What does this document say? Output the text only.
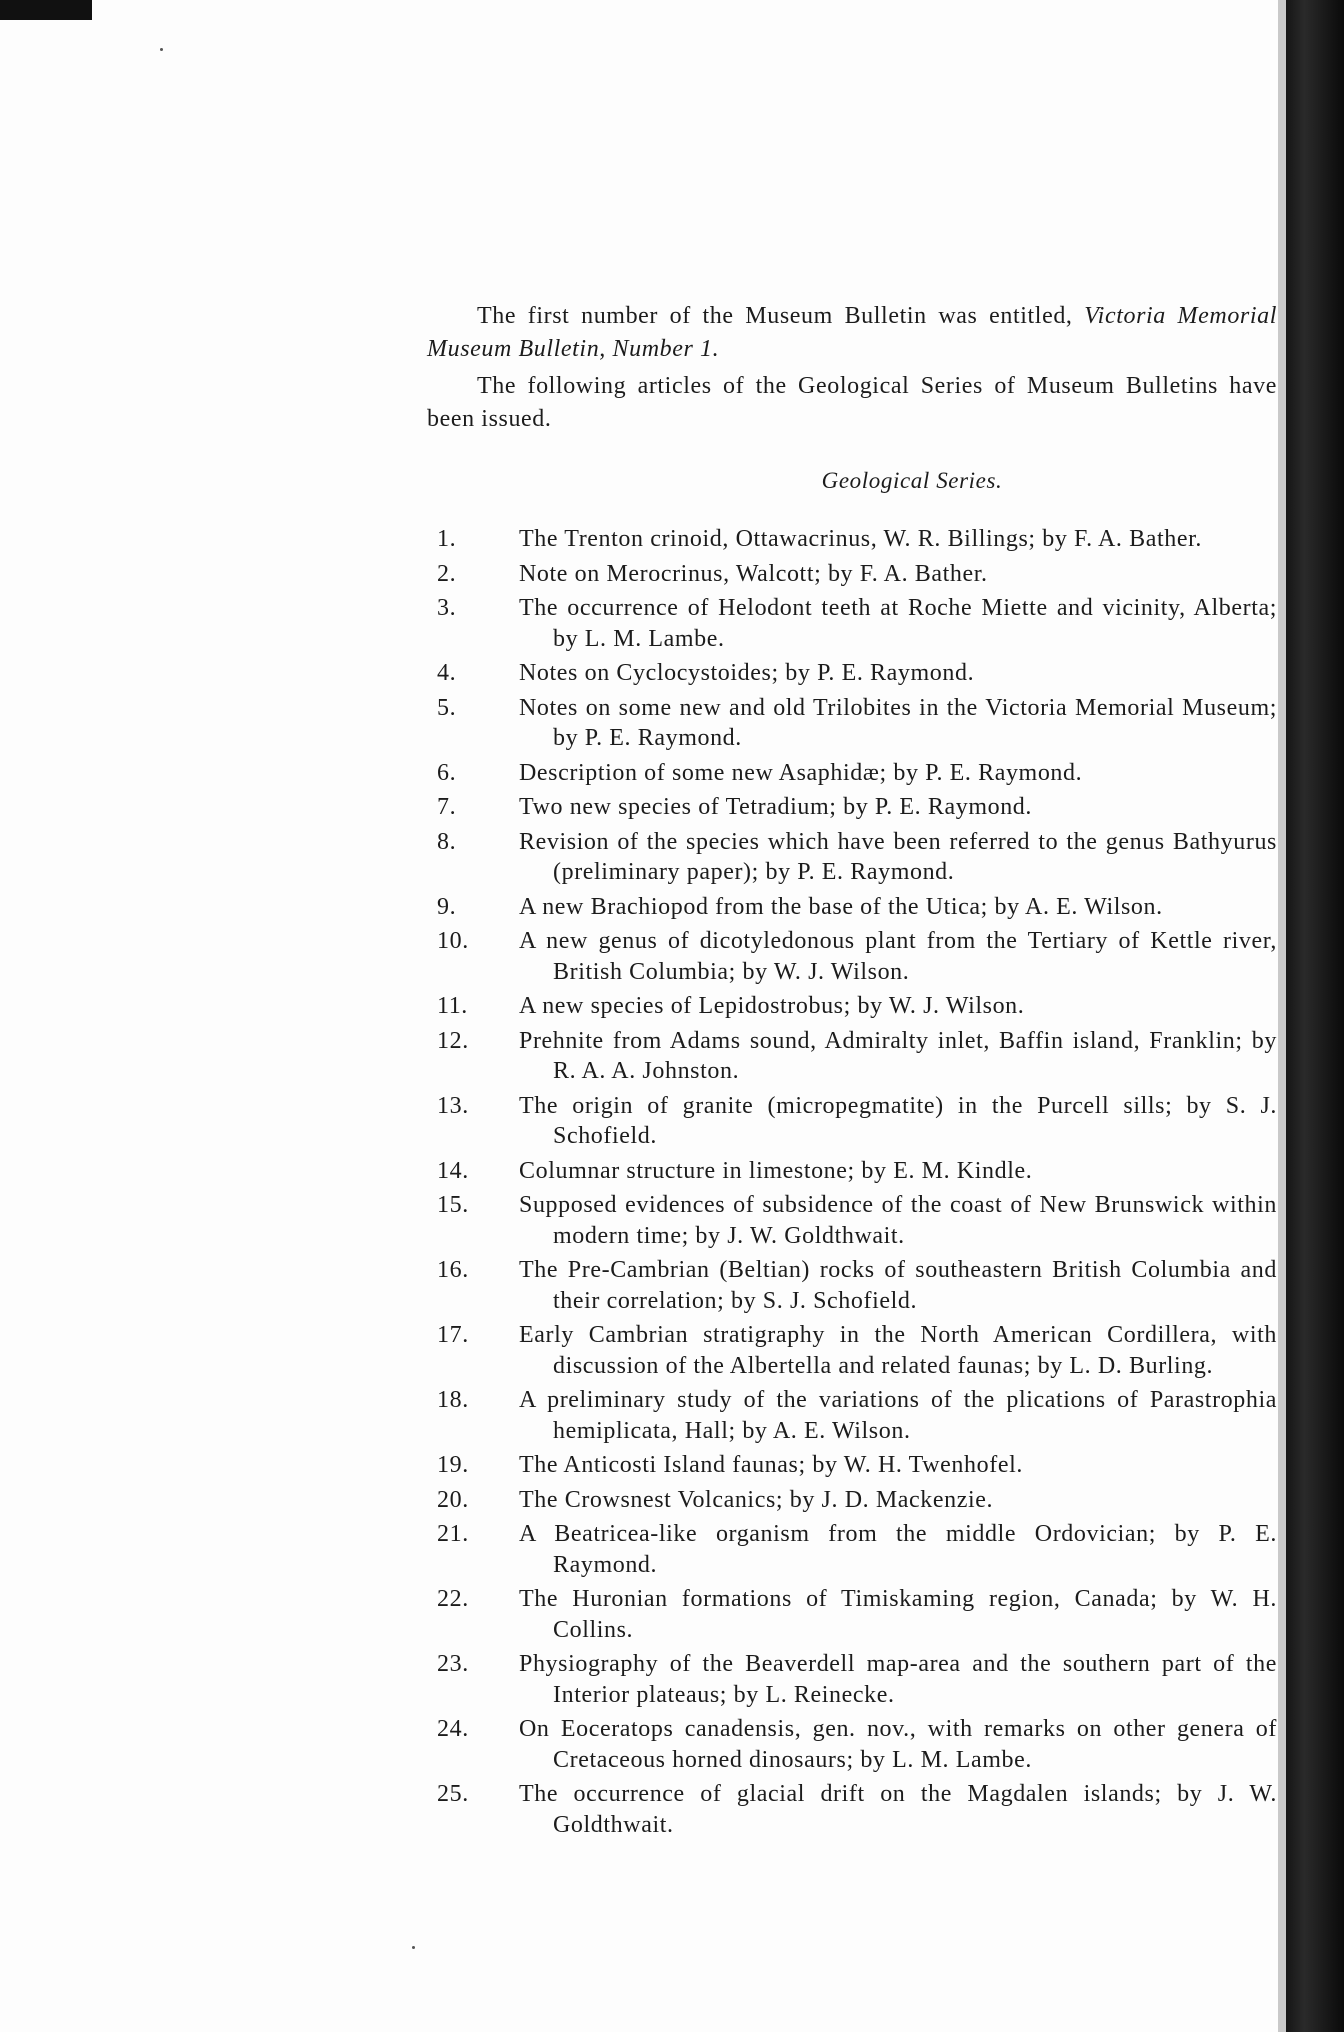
The first number of the Museum Bulletin was entitled, Victoria Memorial Museum Bulletin, Number 1.

The following articles of the Geological Series of Museum Bulletins have been issued.

Geological Series.
1.	The Trenton crinoid, Ottawacrinus, W. R. Billings; by F. A. Bather.
2.	Note on Merocrinus, Walcott; by F. A. Bather.
3.	The occurrence of Helodont teeth at Roche Miette and vicinity, Alberta; by L. M. Lambe.
4.	Notes on Cyclocystoides; by P. E. Raymond.
5.	Notes on some new and old Trilobites in the Victoria Memorial Museum; by P. E. Raymond.
6.	Description of some new Asaphidæ; by P. E. Raymond.
7.	Two new species of Tetradium; by P. E. Raymond.
8.	Revision of the species which have been referred to the genus Bathyurus (preliminary paper); by P. E. Raymond.
9.	A new Brachiopod from the base of the Utica; by A. E. Wilson.
10.	A new genus of dicotyledonous plant from the Tertiary of Kettle river, British Columbia; by W. J. Wilson.
11.	A new species of Lepidostrobus; by W. J. Wilson.
12.	Prehnite from Adams sound, Admiralty inlet, Baffin island, Franklin; by R. A. A. Johnston.
13.	The origin of granite (micropegmatite) in the Purcell sills; by S. J. Schofield.
14.	Columnar structure in limestone; by E. M. Kindle.
15.	Supposed evidences of subsidence of the coast of New Brunswick within modern time; by J. W. Goldthwait.
16.	The Pre-Cambrian (Beltian) rocks of southeastern British Columbia and their correlation; by S. J. Schofield.
17.	Early Cambrian stratigraphy in the North American Cordillera, with discussion of the Albertella and related faunas; by L. D. Burling.
18.	A preliminary study of the variations of the plications of Parastrophia hemiplicata, Hall; by A. E. Wilson.
19.	The Anticosti Island faunas; by W. H. Twenhofel.
20.	The Crowsnest Volcanics; by J. D. Mackenzie.
21.	A Beatricea-like organism from the middle Ordovician; by P. E. Raymond.
22.	The Huronian formations of Timiskaming region, Canada; by W. H. Collins.
23.	Physiography of the Beaverdell map-area and the southern part of the Interior plateaus; by L. Reinecke.
24.	On Eoceratops canadensis, gen. nov., with remarks on other genera of Cretaceous horned dinosaurs; by L. M. Lambe.
25.	The occurrence of glacial drift on the Magdalen islands; by J. W. Goldthwait.
